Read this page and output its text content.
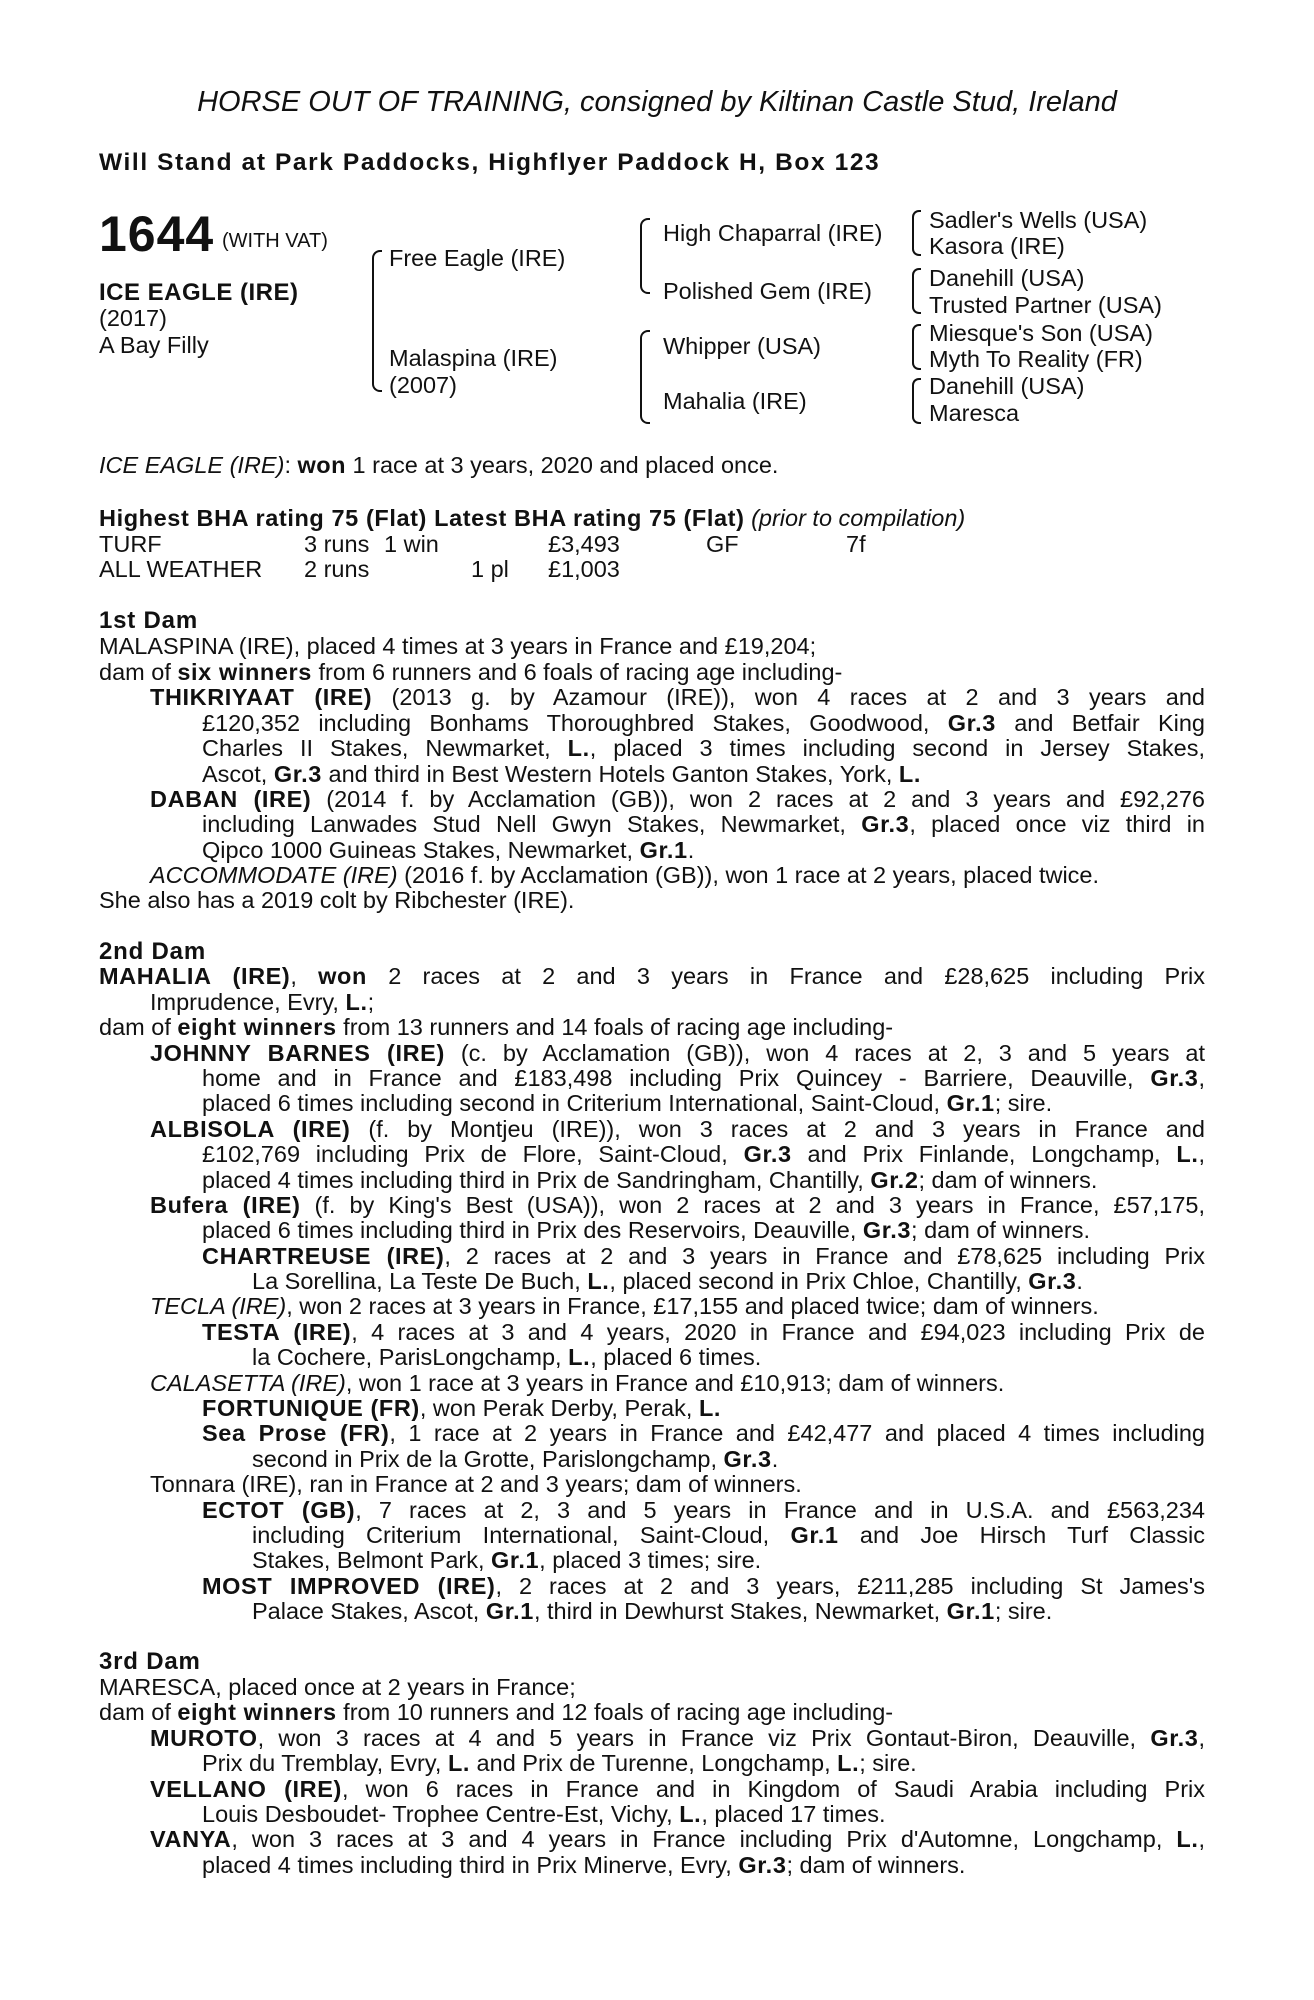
HORSE OUT OF TRAINING, consigned by Kiltinan Castle Stud, Ireland
Will Stand at Park Paddocks, Highflyer Paddock H, Box 123
1644 (WITH VAT)
ICE EAGLE (IRE)
(2017)
A Bay Filly
Free Eagle (IRE)
Malaspina (IRE)
(2007)
High Chaparral (IRE)
Polished Gem (IRE)
Whipper (USA)
Mahalia (IRE)
Sadler's Wells (USA)
Kasora (IRE)
Danehill (USA)
Trusted Partner (USA)
Miesque's Son (USA)
Myth To Reality (FR)
Danehill (USA)
Maresca
ICE EAGLE (IRE): won 1 race at 3 years, 2020 and placed once.
Highest BHA rating 75 (Flat) Latest BHA rating 75 (Flat) (prior to compilation)
TURF	3 runs 1 win	£3,493	GF	7f
ALL WEATHER 2 runs	1 pl £1,003
1st Dam
MALASPINA (IRE), placed 4 times at 3 years in France and £19,204;
dam of six winners from 6 runners and 6 foals of racing age including-
THIKRIYAAT (IRE) (2013 g. by Azamour (IRE)), won 4 races at 2 and 3 years and
£120,352 including Bonhams Thoroughbred Stakes, Goodwood, Gr.3 and Betfair King
Charles II Stakes, Newmarket, L., placed 3 times including second in Jersey Stakes,
Ascot, Gr.3 and third in Best Western Hotels Ganton Stakes, York, L.
DABAN (IRE) (2014 f. by Acclamation (GB)), won 2 races at 2 and 3 years and £92,276
including Lanwades Stud Nell Gwyn Stakes, Newmarket, Gr.3, placed once viz third in
Qipco 1000 Guineas Stakes, Newmarket, Gr.1.
ACCOMMODATE (IRE) (2016 f. by Acclamation (GB)), won 1 race at 2 years, placed twice.
She also has a 2019 colt by Ribchester (IRE).
2nd Dam
MAHALIA (IRE), won 2 races at 2 and 3 years in France and £28,625 including Prix
Imprudence, Evry, L.;
dam of eight winners from 13 runners and 14 foals of racing age including-
JOHNNY BARNES (IRE) (c. by Acclamation (GB)), won 4 races at 2, 3 and 5 years at
home and in France and £183,498 including Prix Quincey - Barriere, Deauville, Gr.3,
placed 6 times including second in Criterium International, Saint-Cloud, Gr.1; sire.
ALBISOLA (IRE) (f. by Montjeu (IRE)), won 3 races at 2 and 3 years in France and
£102,769 including Prix de Flore, Saint-Cloud, Gr.3 and Prix Finlande, Longchamp, L.,
placed 4 times including third in Prix de Sandringham, Chantilly, Gr.2; dam of winners.
Bufera (IRE) (f. by King's Best (USA)), won 2 races at 2 and 3 years in France, £57,175,
placed 6 times including third in Prix des Reservoirs, Deauville, Gr.3; dam of winners.
CHARTREUSE (IRE), 2 races at 2 and 3 years in France and £78,625 including Prix
La Sorellina, La Teste De Buch, L., placed second in Prix Chloe, Chantilly, Gr.3.
TECLA (IRE), won 2 races at 3 years in France, £17,155 and placed twice; dam of winners.
TESTA (IRE), 4 races at 3 and 4 years, 2020 in France and £94,023 including Prix de
la Cochere, ParisLongchamp, L., placed 6 times.
CALASETTA (IRE), won 1 race at 3 years in France and £10,913; dam of winners.
FORTUNIQUE (FR), won Perak Derby, Perak, L.
Sea Prose (FR), 1 race at 2 years in France and £42,477 and placed 4 times including
second in Prix de la Grotte, Parislongchamp, Gr.3.
Tonnara (IRE), ran in France at 2 and 3 years; dam of winners.
ECTOT (GB), 7 races at 2, 3 and 5 years in France and in U.S.A. and £563,234
including Criterium International, Saint-Cloud, Gr.1 and Joe Hirsch Turf Classic
Stakes, Belmont Park, Gr.1, placed 3 times; sire.
MOST IMPROVED (IRE), 2 races at 2 and 3 years, £211,285 including St James's
Palace Stakes, Ascot, Gr.1, third in Dewhurst Stakes, Newmarket, Gr.1; sire.
3rd Dam
MARESCA, placed once at 2 years in France;
dam of eight winners from 10 runners and 12 foals of racing age including-
MUROTO, won 3 races at 4 and 5 years in France viz Prix Gontaut-Biron, Deauville, Gr.3,
Prix du Tremblay, Evry, L. and Prix de Turenne, Longchamp, L.; sire.
VELLANO (IRE), won 6 races in France and in Kingdom of Saudi Arabia including Prix
Louis Desboudet- Trophee Centre-Est, Vichy, L., placed 17 times.
VANYA, won 3 races at 3 and 4 years in France including Prix d'Automne, Longchamp, L.,
placed 4 times including third in Prix Minerve, Evry, Gr.3; dam of winners.
